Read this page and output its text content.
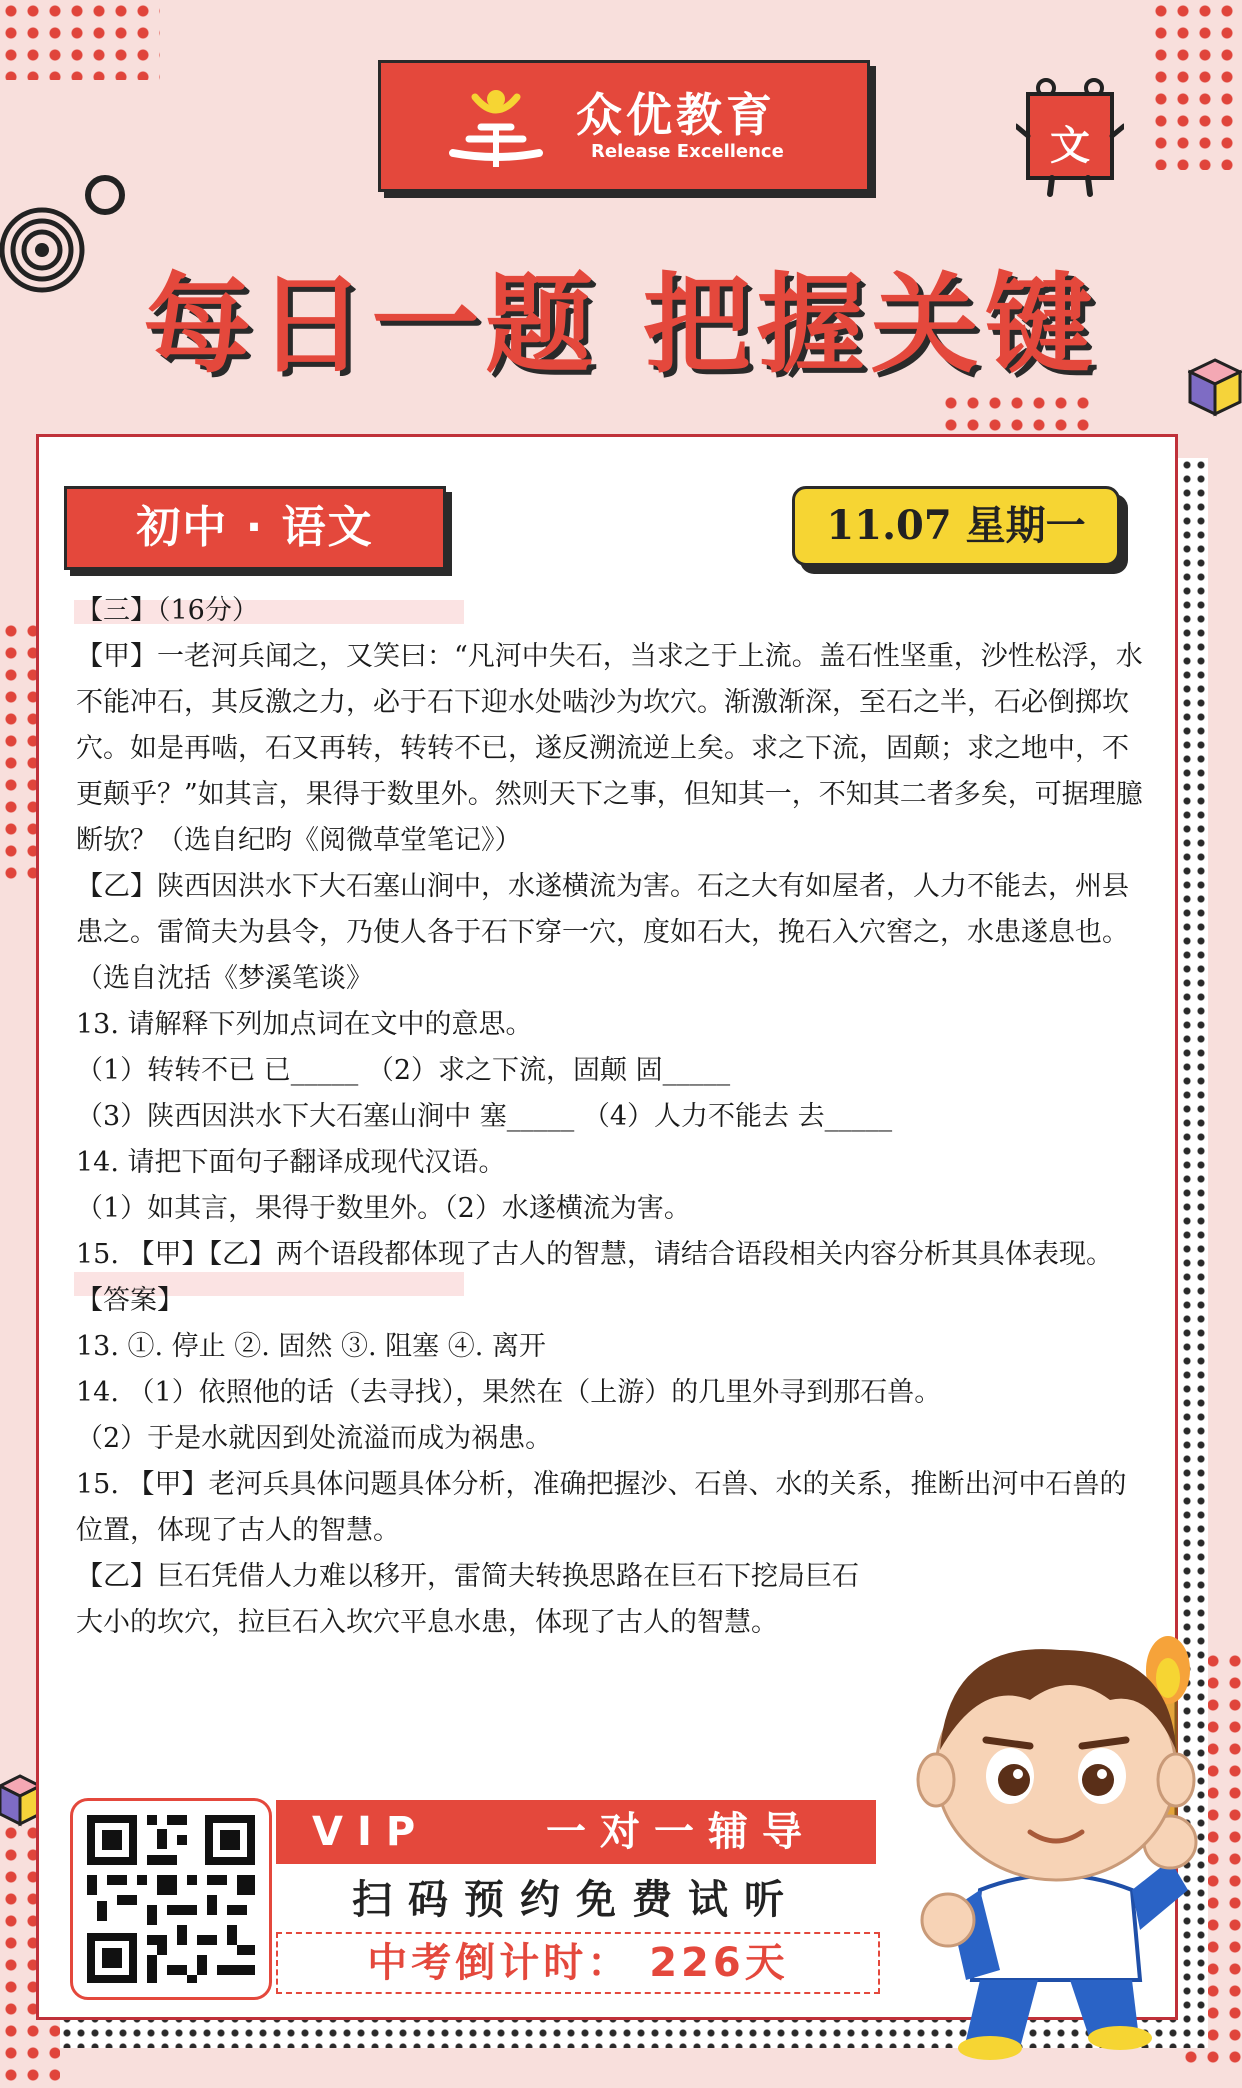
众优教育
Release Excellence	文
每日一题 把握关键
初中 · 语文	11.07 星期一

【三】（16分）

【甲】一老河兵闻之，又笑曰：“凡河中失石，当求之于上流。盖石性坚重，沙性松浮，水不能冲石，其反激之力，必于石下迎水处啮沙为坎穴。渐激渐深，至石之半，石必倒掷坎穴。如是再啮，石又再转，转转不已，遂反溯流逆上矣。求之下流，固颠；求之地中，不更颠乎？”如其言，果得于数里外。然则天下之事，但知其一，不知其二者多矣，可据理臆断欤？（选自纪昀《阅微草堂笔记》）

【乙】陕西因洪水下大石塞山涧中，水遂横流为害。石之大有如屋者，人力不能去，州县患之。雷简夫为县令，乃使人各于石下穿一穴，度如石大，挽石入穴窖之，水患遂息也。（选自沈括《梦溪笔谈》

13. 请解释下列加点词在文中的意思。

（1）转转不已 已_____ （2）求之下流，固颠 固_____

（3）陕西因洪水下大石塞山涧中 塞_____ （4）人力不能去 去_____

14. 请把下面句子翻译成现代汉语。

（1）如其言，果得于数里外。（2）水遂横流为害。

15. 【甲】【乙】两个语段都体现了古人的智慧，请结合语段相关内容分析其具体表现。

【答案】

13. ①. 停止 ②. 固然 ③. 阻塞 ④. 离开

14. （1）依照他的话（去寻找），果然在（上游）的几里外寻到那石兽。

（2）于是水就因到处流溢而成为祸患。

15. 【甲】老河兵具体问题具体分析，准确把握沙、石兽、水的关系，推断出河中石兽的位置，体现了古人的智慧。

【乙】巨石凭借人力难以移开，雷简夫转换思路在巨石下挖局巨石

大小的坎穴，拉巨石入坎穴平息水患，体现了古人的智慧。

VIP	一对一辅导
扫码预约免费试听
中考倒计时： 226天
